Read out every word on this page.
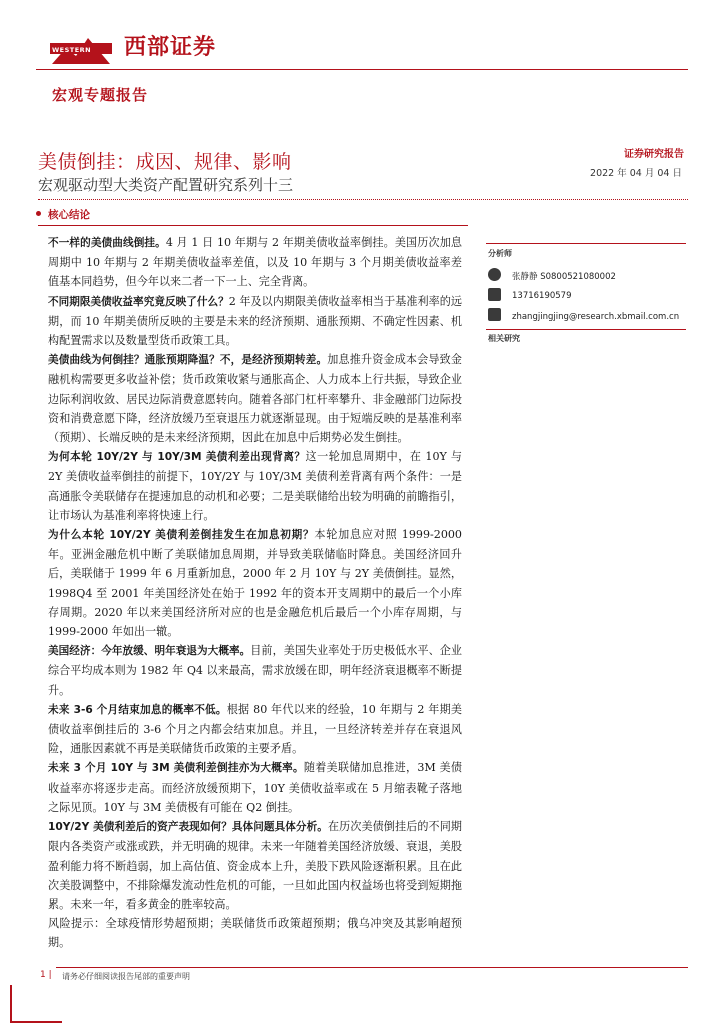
WESTERN 西部证券
宏观专题报告
美债倒挂：成因、规律、影响
宏观驱动型大类资产配置研究系列十三
证券研究报告
2022 年 04 月 04 日
核心结论

不一样的美债曲线倒挂。4 月 1 日 10 年期与 2 年期美债收益率倒挂。美国历次加息周期中 10 年期与 2 年期美债收益率差值，以及 10 年期与 3 个月期美债收益率差值基本同趋势，但今年以来二者一下一上、完全背离。

不同期限美债收益率究竟反映了什么？2 年及以内期限美债收益率相当于基准利率的远期，而 10 年期美债所反映的主要是未来的经济预期、通胀预期、不确定性因素、机构配置需求以及数量型货币政策工具。

美债曲线为何倒挂？通胀预期降温？不，是经济预期转差。加息推升资金成本会导致金融机构需要更多收益补偿；货币政策收紧与通胀高企、人力成本上行共振，导致企业边际利润收敛、居民边际消费意愿转向。随着各部门杠杆率攀升、非金融部门边际投资和消费意愿下降，经济放缓乃至衰退压力就逐渐显现。由于短端反映的是基准利率（预期）、长端反映的是未来经济预期，因此在加息中后期势必发生倒挂。

为何本轮 10Y/2Y 与 10Y/3M 美债利差出现背离？这一轮加息周期中，在 10Y 与 2Y 美债收益率倒挂的前提下，10Y/2Y 与 10Y/3M 美债利差背离有两个条件：一是高通胀令美联储存在提速加息的动机和必要；二是美联储给出较为明确的前瞻指引，让市场认为基准利率将快速上行。

为什么本轮 10Y/2Y 美债利差倒挂发生在加息初期？本轮加息应对照 1999-2000 年。亚洲金融危机中断了美联储加息周期，并导致美联储临时降息。美国经济回升后，美联储于 1999 年 6 月重新加息，2000 年 2 月 10Y 与 2Y 美债倒挂。显然，1998Q4 至 2001 年美国经济处在始于 1992 年的资本开支周期中的最后一个小库存周期。2020 年以来美国经济所对应的也是金融危机后最后一个小库存周期，与 1999-2000 年如出一辙。

美国经济：今年放缓、明年衰退为大概率。目前，美国失业率处于历史极低水平、企业综合平均成本则为 1982 年 Q4 以来最高，需求放缓在即，明年经济衰退概率不断提升。

未来 3-6 个月结束加息的概率不低。根据 80 年代以来的经验，10 年期与 2 年期美债收益率倒挂后的 3-6 个月之内都会结束加息。并且，一旦经济转差并存在衰退风险，通胀因素就不再是美联储货币政策的主要矛盾。

未来 3 个月 10Y 与 3M 美债利差倒挂亦为大概率。随着美联储加息推进，3M 美债收益率亦将逐步走高。而经济放缓预期下，10Y 美债收益率或在 5 月缩表靴子落地之际见顶。10Y 与 3M 美债极有可能在 Q2 倒挂。

10Y/2Y 美债利差后的资产表现如何？具体问题具体分析。在历次美债倒挂后的不同期限内各类资产或涨或跌，并无明确的规律。未来一年随着美国经济放缓、衰退，美股盈利能力将不断趋弱，加上高估值、资金成本上升，美股下跌风险逐渐积累。且在此次美股调整中，不排除爆发流动性危机的可能，一旦如此国内权益场也将受到短期拖累。未来一年，看多黄金的胜率较高。

风险提示：全球疫情形势超预期；美联储货币政策超预期；俄乌冲突及其影响超预期。

分析师
张静静 S0800521080002
13716190579
zhangjingjing@research.xbmail.com.cn
相关研究
1 | 请务必仔细阅读报告尾部的重要声明
